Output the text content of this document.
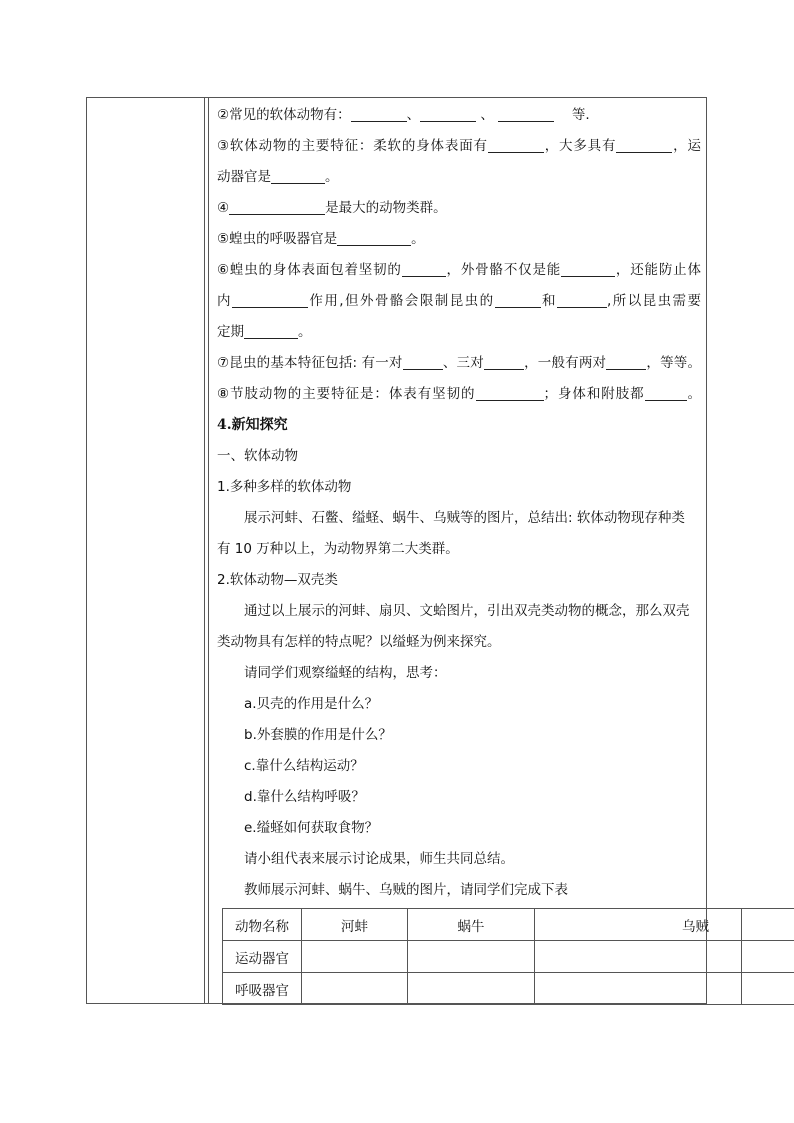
②常见的软体动物有：	、	、	等.
③软体动物的主要特征：柔软的身体表面有	，大多具有	，运
动器官是	。
④	是最大的动物类群。
⑤蝗虫的呼吸器官是	。
⑥蝗虫的身体表面包着坚韧的	，外骨骼不仅是能	，还能防止体
内	作用,但外骨骼会限制昆虫的	和	,所以昆虫需要
定期	。
⑦昆虫的基本特征包括: 有一对	、三对	，一般有两对	，等等。
⑧节肢动物的主要特征是：体表有坚韧的	；身体和附肢都	。
4.新知探究
一、软体动物
1.多种多样的软体动物
展示河蚌、石鳖、缢蛏、蜗牛、乌贼等的图片，总结出: 软体动物现存种类
有 10 万种以上，为动物界第二大类群。
2.软体动物—双壳类
通过以上展示的河蚌、扇贝、文蛤图片，引出双壳类动物的概念，那么双壳
类动物具有怎样的特点呢？以缢蛏为例来探究。
请同学们观察缢蛏的结构，思考：
a.贝壳的作用是什么？
b.外套膜的作用是什么？
c.靠什么结构运动？
d.靠什么结构呼吸？
e.缢蛏如何获取食物？
请小组代表来展示讨论成果，师生共同总结。
教师展示河蚌、蜗牛、乌贼的图片，请同学们完成下表
动物名称	河蚌	蜗牛	乌贼	
运动器官				
呼吸器官				
